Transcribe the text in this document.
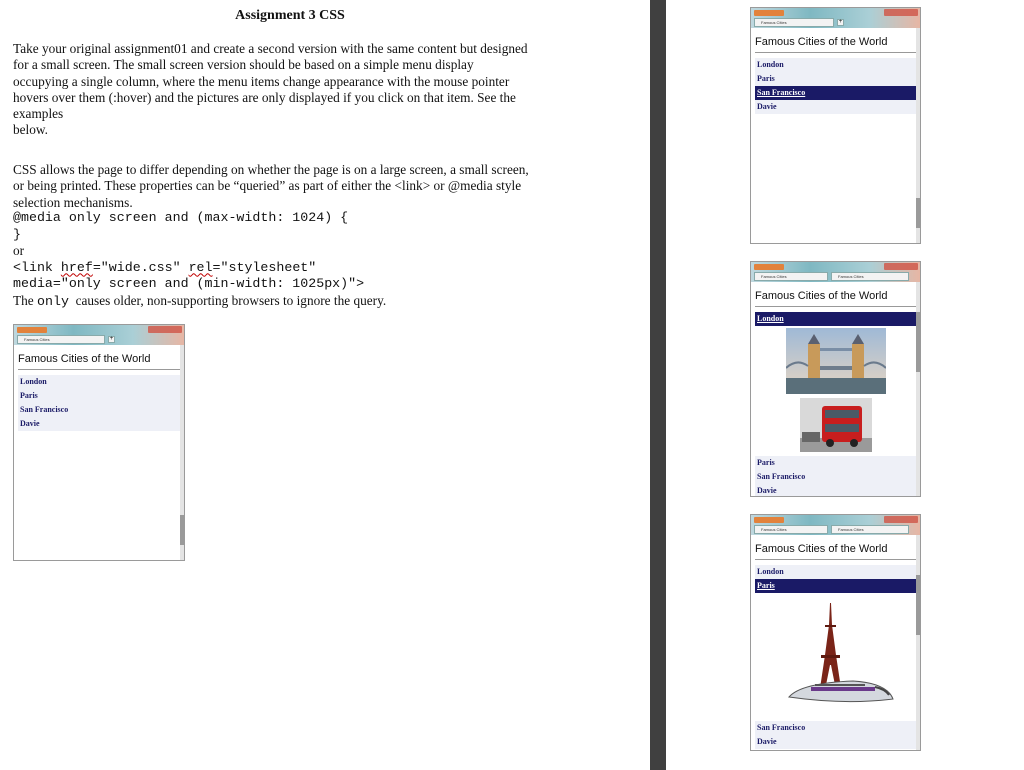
Assignment 3 CSS
Take your original assignment01 and create a second version with the same content but designed
for a small screen. The small screen version should be based on a simple menu display
occupying a single column, where the menu items change appearance with the mouse pointer
hovers over them (:hover) and the pictures are only displayed if you click on that item. See the
examples
below.
CSS allows the page to differ depending on whether the page is on a large screen, a small screen,
or being printed. These properties can be “queried” as part of either the <link> or @media style
selection mechanisms.
@media only screen and (max-width: 1024) {
}
or
<link href="wide.css" rel="stylesheet"
media="only screen and (min-width: 1025px)">
The only  causes older, non-supporting browsers to ignore the query.
Famous Cities	+
Famous Cities of the World
London
Paris
San Francisco
Davie
Famous Cities	+
Famous Cities of the World
London
Paris
San Francisco
Davie
Famous Cities	Famous Cities
Famous Cities of the World
London
Paris
San Francisco
Davie
Famous Cities	Famous Cities
Famous Cities of the World
London
Paris
San Francisco
Davie
